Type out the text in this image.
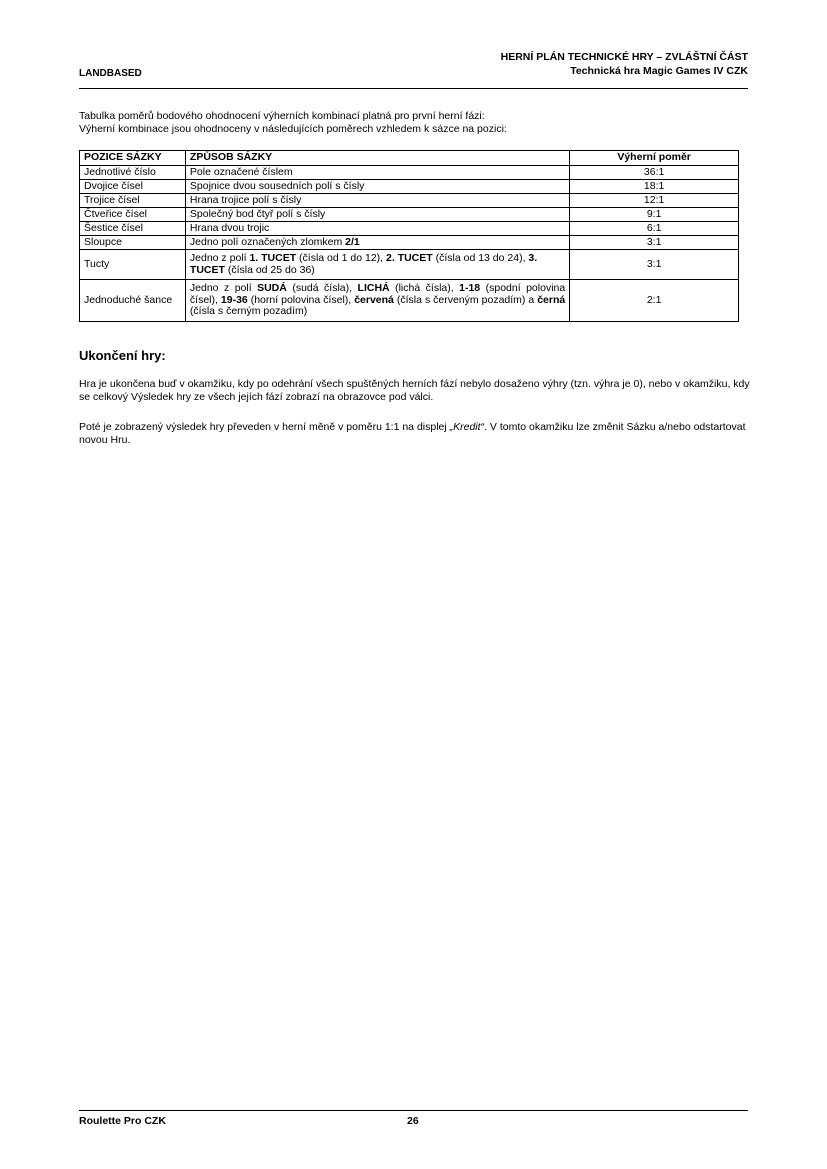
LANDBASED
HERNÍ PLÁN TECHNICKÉ HRY – ZVLÁŠTNÍ ČÁST
Technická hra Magic Games IV CZK
Tabulka poměrů bodového ohodnocení výherních kombinací platná pro první herní fázi:
Výherní kombinace jsou ohodnoceny v následujících poměrech vzhledem k sázce na pozici:
POZICE SÁZKY	ZPŮSOB SÁZKY	Výherní poměr
Jednotlivé číslo	Pole označené číslem	36:1
Dvojice čísel	Spojnice dvou sousedních polí s čísly	18:1
Trojice čísel	Hrana trojice polí s čísly	12:1
Čtveřice čísel	Společný bod čtyř polí s čísly	9:1
Šestice čísel	Hrana dvou trojic	6:1
Sloupce	Jedno polí označených zlomkem 2/1	3:1
Tucty	Jedno z polí 1. TUCET (čísla od 1 do 12), 2. TUCET (čísla od 13 do 24), 3. TUCET (čísla od 25 do 36)	3:1
Jednoduché šance	Jedno z polí SUDÁ (sudá čísla), LICHÁ (lichá čísla), 1-18 (spodní polovina čísel), 19-36 (horní polovina čísel), červená (čísla s červeným pozadím) a černá (čísla s černým pozadím)	2:1
Ukončení hry:
Hra je ukončena buď v okamžiku, kdy po odehrání všech spuštěných herních fází nebylo dosaženo výhry (tzn. výhra je 0), nebo v okamžiku, kdy se celkový Výsledek hry ze všech jejích fází zobrazí na obrazovce pod válci.
Poté je zobrazený výsledek hry převeden v herní měně v poměru 1:1 na displej „Kredit“. V tomto okamžiku lze změnit Sázku a/nebo odstartovat novou Hru.
Roulette Pro CZK	26
